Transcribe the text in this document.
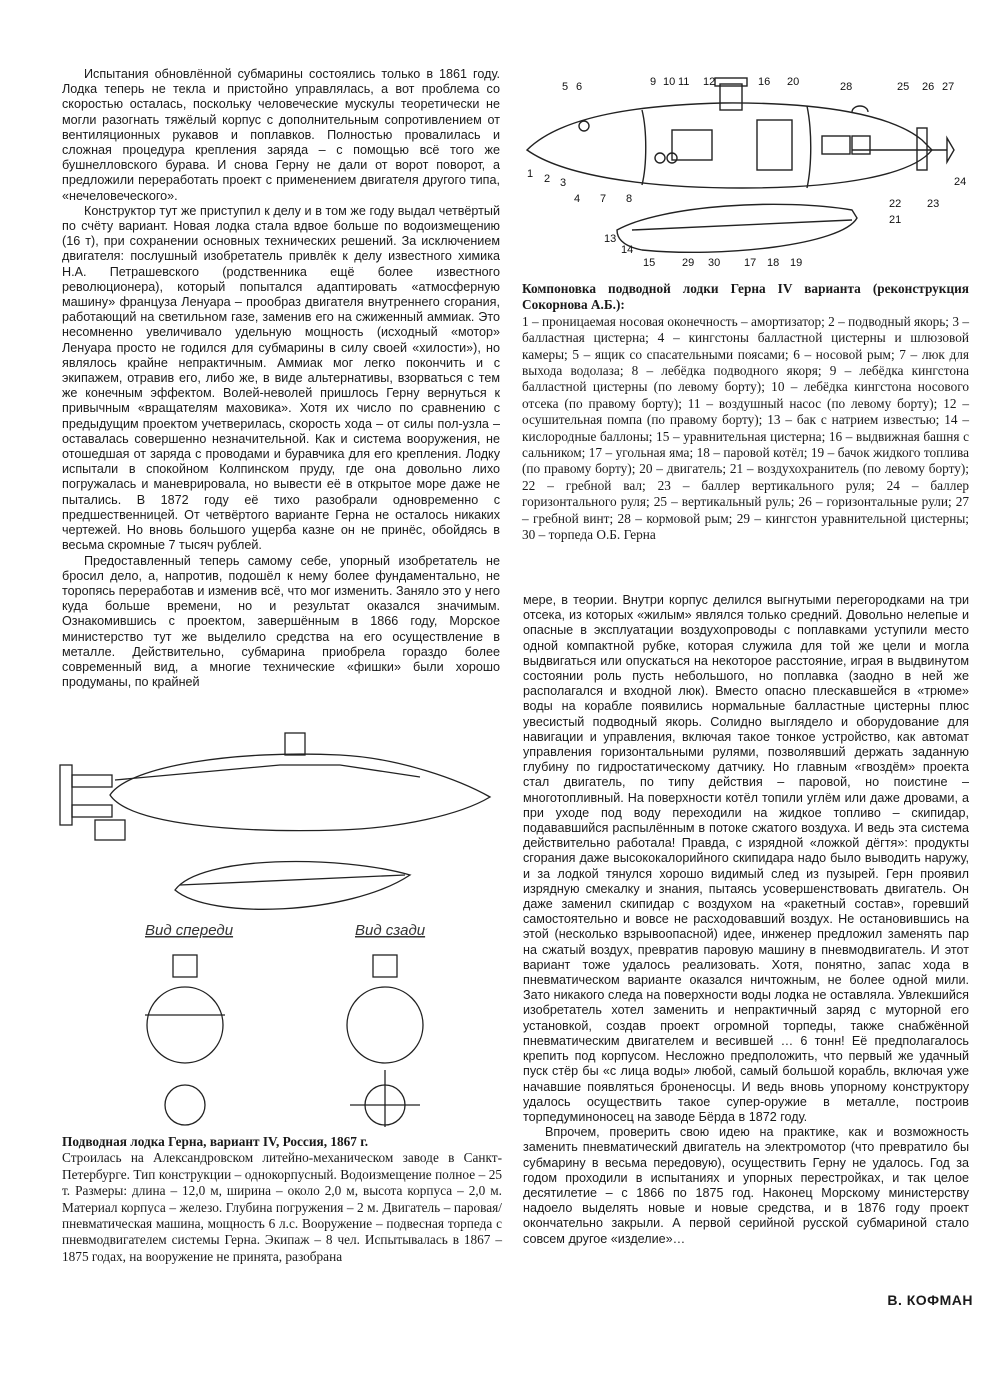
Испытания обновлённой субмарины состоялись только в 1861 году. Лодка теперь не текла и пристойно управлялась, а вот проблема со скоростью осталась, поскольку человеческие мускулы теоретически не могли разогнать тяжёлый корпус с дополнительным сопротивлением от вентиляционных рукавов и поплавков. Полностью провалилась и сложная процедура крепления заряда – с помощью всё того же бушнелловского бурава. И снова Герну не дали от ворот поворот, а предложили переработать проект с применением двигателя другого типа, «нечеловеческого».

Конструктор тут же приступил к делу и в том же году выдал четвёртый по счёту вариант. Новая лодка стала вдвое больше по водоизмещению (16 т), при сохранении основных технических решений. За исключением двигателя: послушный изобретатель привлёк к делу известного химика Н.А. Петрашевского (родственника ещё более известного революционера), который попытался адаптировать «атмосферную машину» француза Ленуара – прообраз двигателя внутреннего сгорания, работающий на светильном газе, заменив его на сжиженный аммиак. Это несомненно увеличивало удельную мощность (исходный «мотор» Ленуара просто не годился для субмарины в силу своей «хилости»), но являлось крайне непрактичным. Аммиак мог легко покончить и с экипажем, отравив его, либо же, в виде альтернативы, взорваться с тем же конечным эффектом. Волей-неволей пришлось Герну вернуться к привычным «вращателям маховика». Хотя их число по сравнению с предыдущим проектом учетверилась, скорость хода – от силы пол-узла – оставалась совершенно незначительной. Как и система вооружения, не отошедшая от заряда с проводами и буравчика для его крепления. Лодку испытали в спокойном Колпинском пруду, где она довольно лихо погружалась и маневрировала, но вывести её в открытое море даже не пытались. В 1872 году её тихо разобрали одновременно с предшественницей. От четвёртого варианте Герна не осталось никаких чертежей. Но вновь большого ущерба казне он не принёс, обойдясь в весьма скромные 7 тысяч рублей.

Предоставленный теперь самому себе, упорный изобретатель не бросил дело, а, напротив, подошёл к нему более фундаментально, не торопясь переработав и изменив всё, что мог изменить. Заняло это у него куда больше времени, но и результат оказался значимым. Ознакомившись с проектом, завершённым в 1866 году, Морское министерство тут же выделило средства на его осуществление в металле. Действительно, субмарина приобрела гораздо более современный вид, а многие технические «фишки» были хорошо продуманы, по крайней

1 2 3
4
6
7 8
9 10 11 12
13
14
15
16
17 18 19
20
21
22 23
24
25 26 27
28
29 30
5
Компоновка подводной лодки Герна IV варианта (реконструкция Сокорнова А.Б.):
1 – проницаемая носовая оконечность – амортизатор; 2 – подводный якорь; 3 – балластная цистерна; 4 – кингстоны балластной цистерны и шлюзовой камеры; 5 – ящик со спасательными поясами; 6 – носовой рым; 7 – люк для выхода водолаза; 8 – лебёдка подводного якоря; 9 – лебёдка кингстона балластной цистерны (по левому борту); 10 – лебёдка кингстона носового отсека (по правому борту); 11 – воздушный насос (по левому борту); 12 – осушительная помпа (по правому борту); 13 – бак с натрием известью; 14 – кислородные баллоны; 15 – уравнительная цистерна; 16 – выдвижная башня с сальником; 17 – угольная яма; 18 – паровой котёл; 19 – бачок жидкого топлива (по правому борту); 20 – двигатель; 21 – воздухохранитель (по левому борту); 22 – гребной вал; 23 – баллер вертикального руля; 24 – баллер горизонтального руля; 25 – вертикальный руль; 26 – горизонтальные рули; 27 – гребной винт; 28 – кормовой рым; 29 – кингстон уравнительной цистерны; 30 – торпеда О.Б. Герна

мере, в теории. Внутри корпус делился выгнутыми перегородками на три отсека, из которых «жилым» являлся только средний. Довольно нелепые и опасные в эксплуатации воздухопроводы с поплавками уступили место одной компактной рубке, которая служила для той же цели и могла выдвигаться или опускаться на некоторое расстояние, играя в выдвинутом состоянии роль пусть небольшого, но поплавка (заодно в ней же располагался и входной люк). Вместо опасно плескавшейся в «трюме» воды на корабле появились нормальные балластные цистерны плюс увесистый подводный якорь. Солидно выглядело и оборудование для навигации и управления, включая такое тонкое устройство, как автомат управления горизонтальными рулями, позволявший держать заданную глубину по гидростатическому датчику. Но главным «гвоздём» проекта стал двигатель, по типу действия – паровой, но поистине – многотопливный. На поверхности котёл топили углём или даже дровами, а при уходе под воду переходили на жидкое топливо – скипидар, подававшийся распылённым в потоке сжатого воздуха. И ведь эта система действительно работала! Правда, с изрядной «ложкой дёгтя»: продукты сгорания даже высококалорийного скипидара надо было выводить наружу, и за лодкой тянулся хорошо видимый след из пузырей. Герн проявил изрядную смекалку и знания, пытаясь усовершенствовать двигатель. Он даже заменил скипидар с воздухом на «ракетный состав», горевший самостоятельно и вовсе не расходовавший воздух. Не остановившись на этой (несколько взрывоопасной) идее, инженер предложил заменять пар на сжатый воздух, превратив паровую машину в пневмодвигатель. И этот вариант тоже удалось реализовать. Хотя, понятно, запас хода в пневматическом варианте оказался ничтожным, не более одной мили. Зато никакого следа на поверхности воды лодка не оставляла. Увлекшийся изобретатель хотел заменить и непрактичный заряд с муторной его установкой, создав проект огромной торпеды, также снабжённой пневматическим двигателем и весившей … 6 тонн! Её предполагалось крепить под корпусом. Несложно предположить, что первый же удачный пуск стёр бы «с лица воды» любой, самый большой корабль, включая уже начавшие появляться броненосцы. И ведь вновь упорному конструктору удалось осуществить такое супер-оружие в металле, построив торпедуминоносец на заводе Бёрда в 1872 году.

Впрочем, проверить свою идею на практике, как и возможность заменить пневматический двигатель на электромотор (что превратило бы субмарину в весьма передовую), осуществить Герну не удалось. Год за годом проходили в испытаниях и упорных перестройках, и так целое десятилетие – с 1866 по 1875 год. Наконец Морскому министерству надоело выделять новые и новые средства, и в 1876 году проект окончательно закрыли. А первой серийной русской субмариной стало совсем другое «изделие»…

Вид спереди	Вид сзади
Подводная лодка Герна, вариант IV, Россия, 1867 г.
Строилась на Александровском литейно-механическом заводе в Санкт-Петербурге. Тип конструкции – однокорпусный. Водоизмещение полное – 25 т. Размеры: длина – 12,0 м, ширина – около 2,0 м, высота корпуса – 2,0 м. Материал корпуса – железо. Глубина погружения – 2 м. Двигатель – паровая/пневматическая машина, мощность 6 л.с. Вооружение – подвесная торпеда с пневмодвигателем системы Герна. Экипаж – 8 чел. Испытывалась в 1867 – 1875 годах, на вооружение не принята, разобрана
В. КОФМАН
